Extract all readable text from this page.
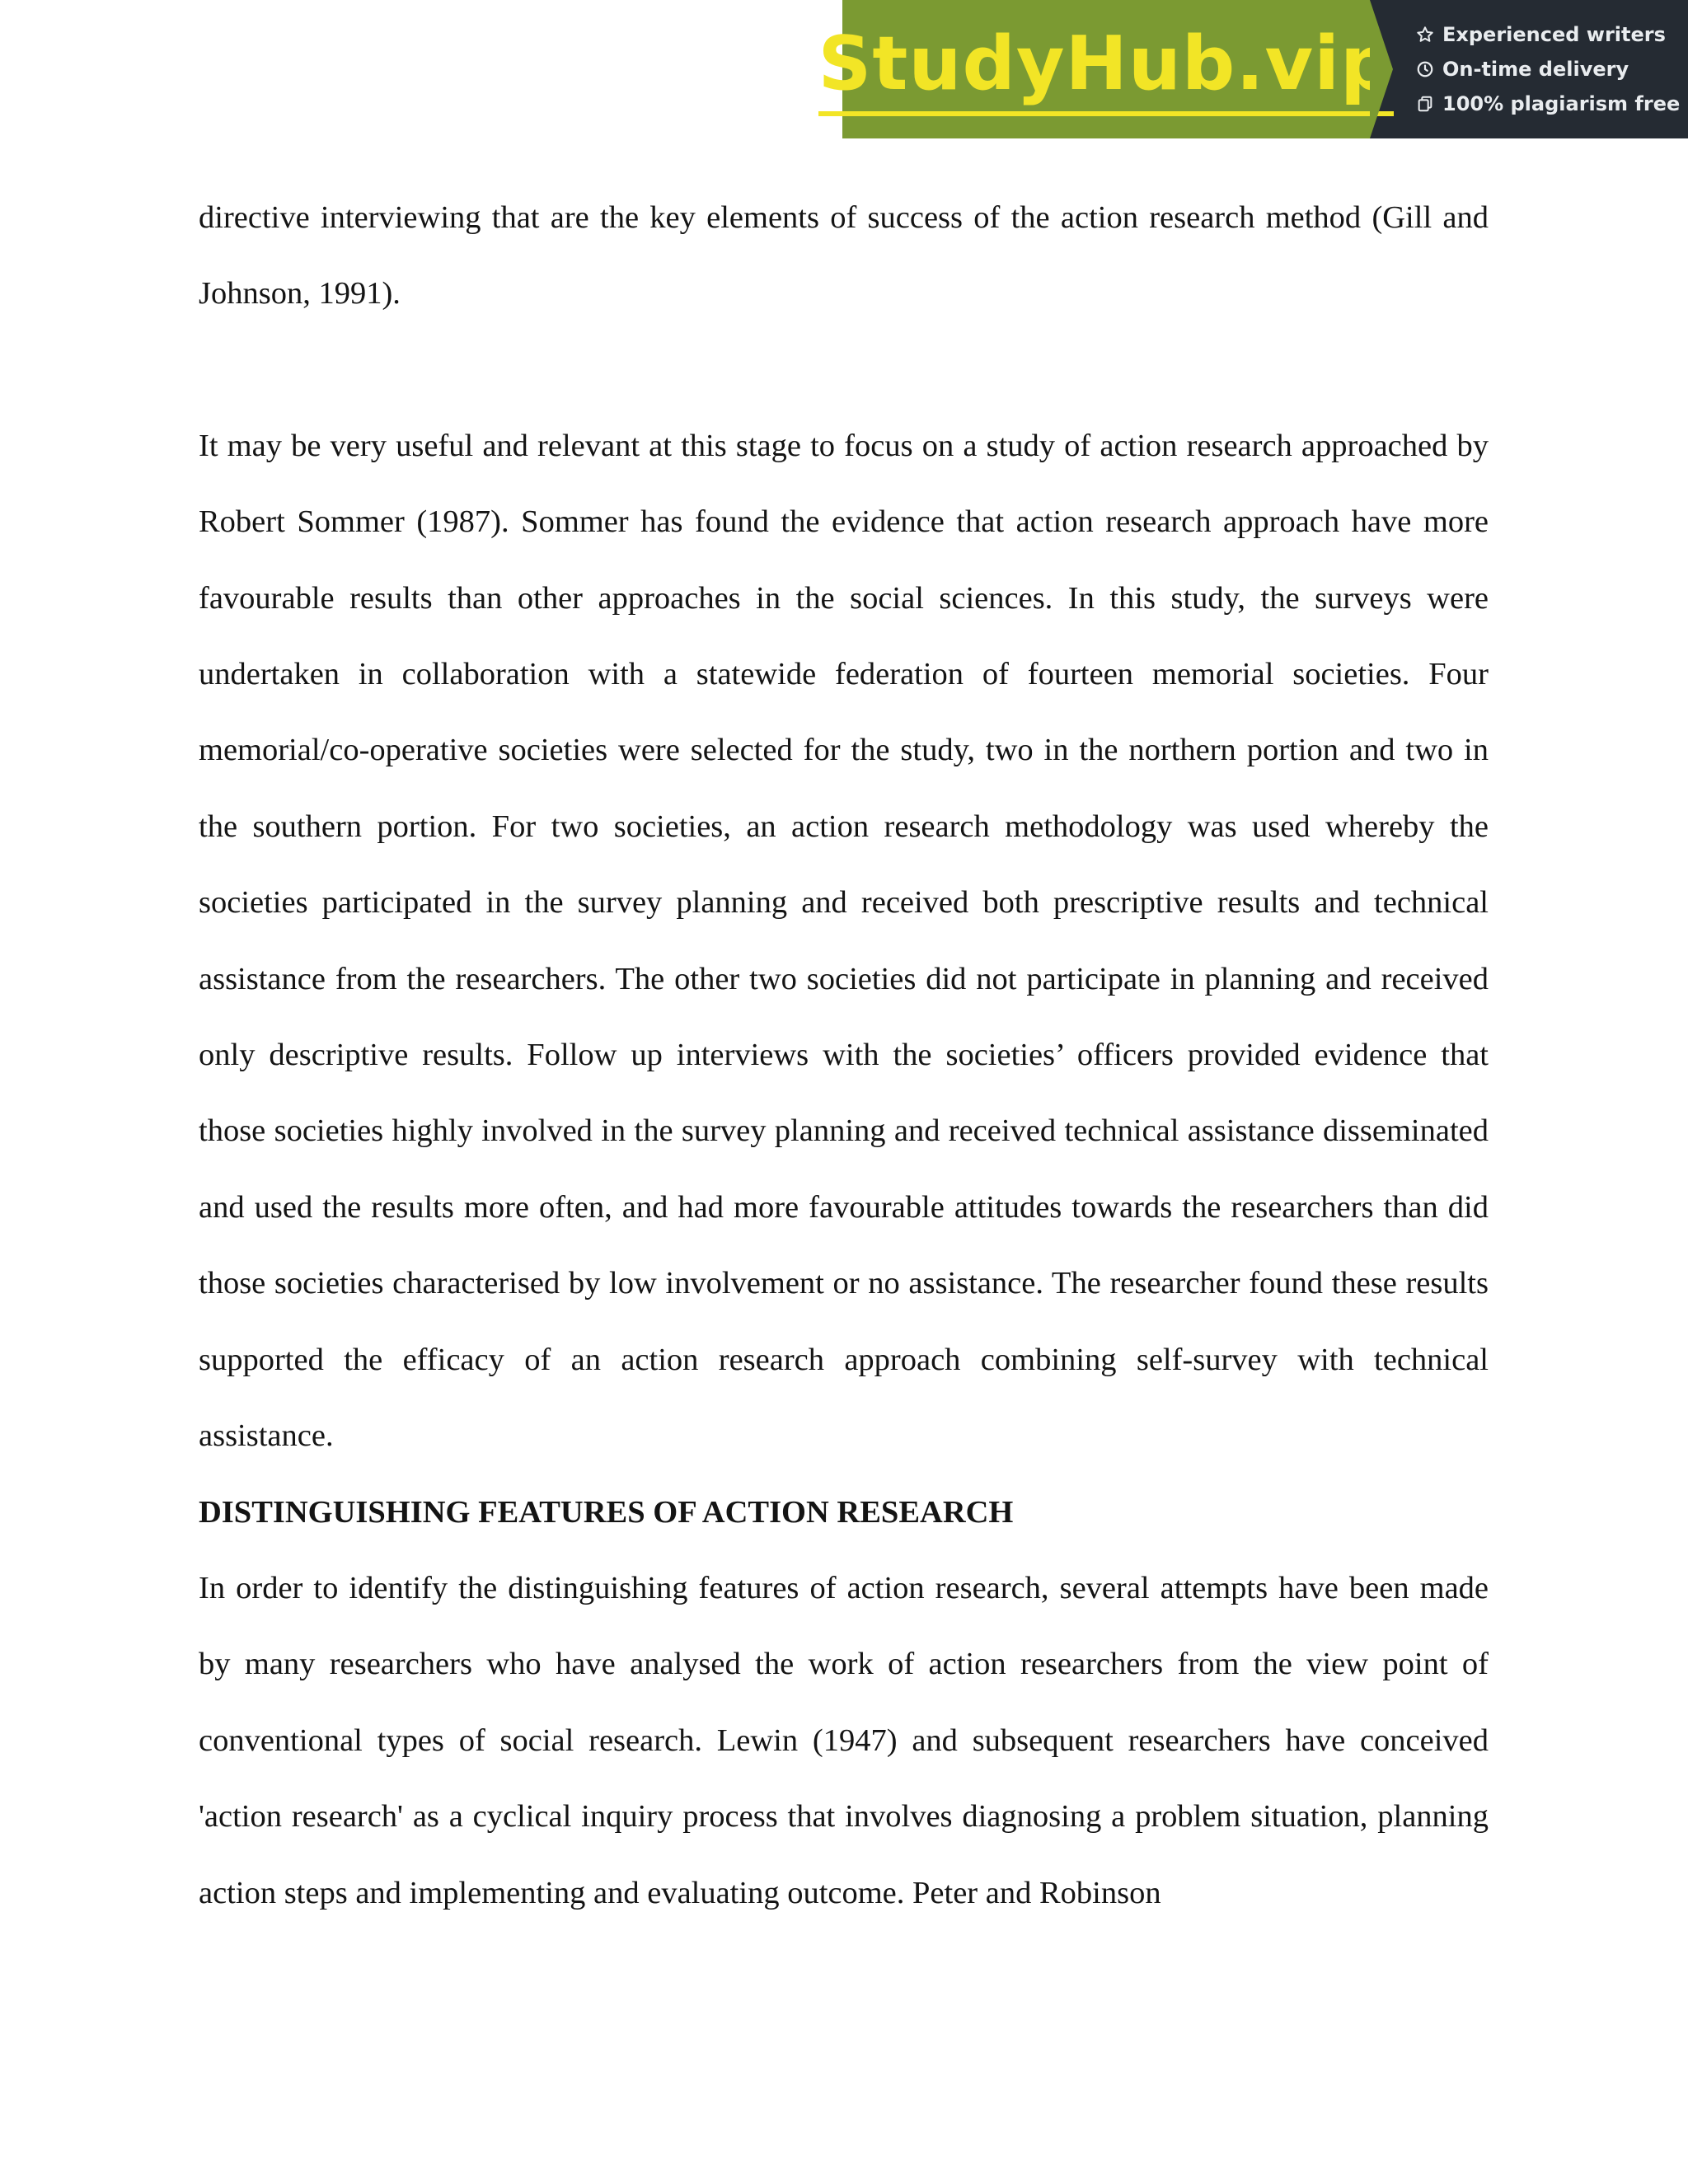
StudyHub.vip Experienced writers
On-time delivery
100% plagiarism free

directive interviewing that are the key elements of success of the action research method (Gill and Johnson, 1991).

It may be very useful and relevant at this stage to focus on a study of action research approached by Robert Sommer (1987). Sommer has found the evidence that action research approach have more favourable results than other approaches in the social sciences. In this study, the surveys were undertaken in collaboration with a statewide federation of fourteen memorial societies. Four memorial/co-operative societies were selected for the study, two in the northern portion and two in the southern portion. For two societies, an action research methodology was used whereby the societies participated in the survey planning and received both prescriptive results and technical assistance from the researchers. The other two societies did not participate in planning and received only descriptive results. Follow up interviews with the societies’ officers provided evidence that those societies highly involved in the survey planning and received technical assistance disseminated and used the results more often, and had more favourable attitudes towards the researchers than did those societies characterised by low involvement or no assistance. The researcher found these results supported the efficacy of an action research approach combining self-survey with technical assistance.

DISTINGUISHING FEATURES OF ACTION RESEARCH

In order to identify the distinguishing features of action research, several attempts have been made by many researchers who have analysed the work of action researchers from the view point of conventional types of social research. Lewin (1947) and subsequent researchers have conceived 'action research' as a cyclical inquiry process that involves diagnosing a problem situation, planning action steps and implementing and evaluating outcome. Peter and Robinson
